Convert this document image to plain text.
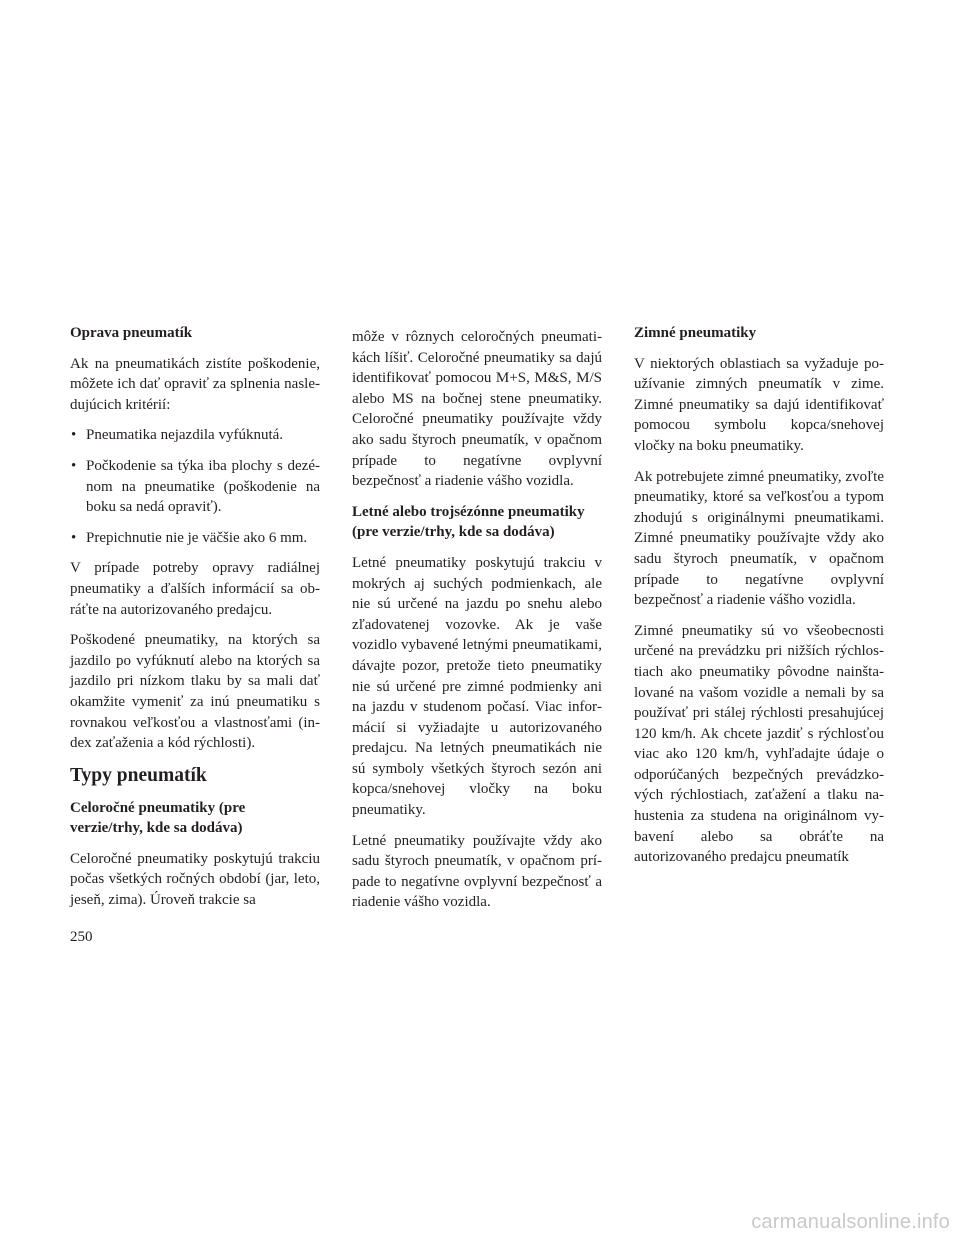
Oprava pneumatík

Ak na pneumatikách zistíte poškodenie, môžete ich dať opraviť za splnenia nasledujúcich kritérií:

• Pneumatika nejazdila vyfúknutá.
• Počkodenie sa týka iba plochy s dezénom na pneumatike (poškodenie na boku sa nedá opraviť).
• Prepichnutie nie je väčšie ako 6 mm.

V prípade potreby opravy radiálnej pneumatiky a ďalších informácií sa obráťte na autorizovaného predajcu.

Poškodené pneumatiky, na ktorých sa jazdilo po vyfúknutí alebo na ktorých sa jazdilo pri nízkom tlaku by sa mali dať okamžite vymeniť za inú pneumatiku s rovnakou veľkosťou a vlastnosťami (index zaťaženia a kód rýchlosti).

Typy pneumatík
Celoročné pneumatiky (pre verzie/trhy, kde sa dodáva)

Celoročné pneumatiky poskytujú trakciu počas všetkých ročných období (jar, leto, jeseň, zima). Úroveň trakcie sa

môže v rôznych celoročných pneumatikách líšiť. Celoročné pneumatiky sa dajú identifikovať pomocou M+S, M&S, M/S alebo MS na bočnej stene pneumatiky. Celoročné pneumatiky používajte vždy ako sadu štyroch pneumatík, v opačnom prípade to negatívne ovplyvní bezpečnosť a riadenie vášho vozidla.

Letné alebo trojsézónne pneumatiky (pre verzie/trhy, kde sa dodáva)

Letné pneumatiky poskytujú trakciu v mokrých aj suchých podmienkach, ale nie sú určené na jazdu po snehu alebo zľadovatenej vozovke. Ak je vaše vozidlo vybavené letnými pneumatikami, dávajte pozor, pretože tieto pneumatiky nie sú určené pre zimné podmienky ani na jazdu v studenom počasí. Viac informácií si vyžiadajte u autorizovaného predajcu. Na letných pneumatikách nie sú symboly všetkých štyroch sezón ani kopca/snehovej vločky na boku pneumatiky.

Letné pneumatiky používajte vždy ako sadu štyroch pneumatík, v opačnom prípade to negatívne ovplyvní bezpečnosť a riadenie vášho vozidla.

Zimné pneumatiky

V niektorých oblastiach sa vyžaduje používanie zimných pneumatík v zime. Zimné pneumatiky sa dajú identifikovať pomocou symbolu kopca/snehovej vločky na boku pneumatiky.

Ak potrebujete zimné pneumatiky, zvoľte pneumatiky, ktoré sa veľkosťou a typom zhodujú s originálnymi pneumatikami. Zimné pneumatiky používajte vždy ako sadu štyroch pneumatík, v opačnom prípade to negatívne ovplyvní bezpečnosť a riadenie vášho vozidla.

Zimné pneumatiky sú vo všeobecnosti určené na prevádzku pri nižších rýchlostiach ako pneumatiky pôvodne nainštalované na vašom vozidle a nemali by sa používať pri stálej rýchlosti presahujúcej 120 km/h. Ak chcete jazdiť s rýchlosťou viac ako 120 km/h, vyhľadajte údaje o odporúčaných bezpečných prevádzkových rýchlostiach, zaťažení a tlaku nahustenia za studena na originálnom vybavení alebo sa obráťte na autorizovaného predajcu pneumatík

250
carmanualsonline.info
